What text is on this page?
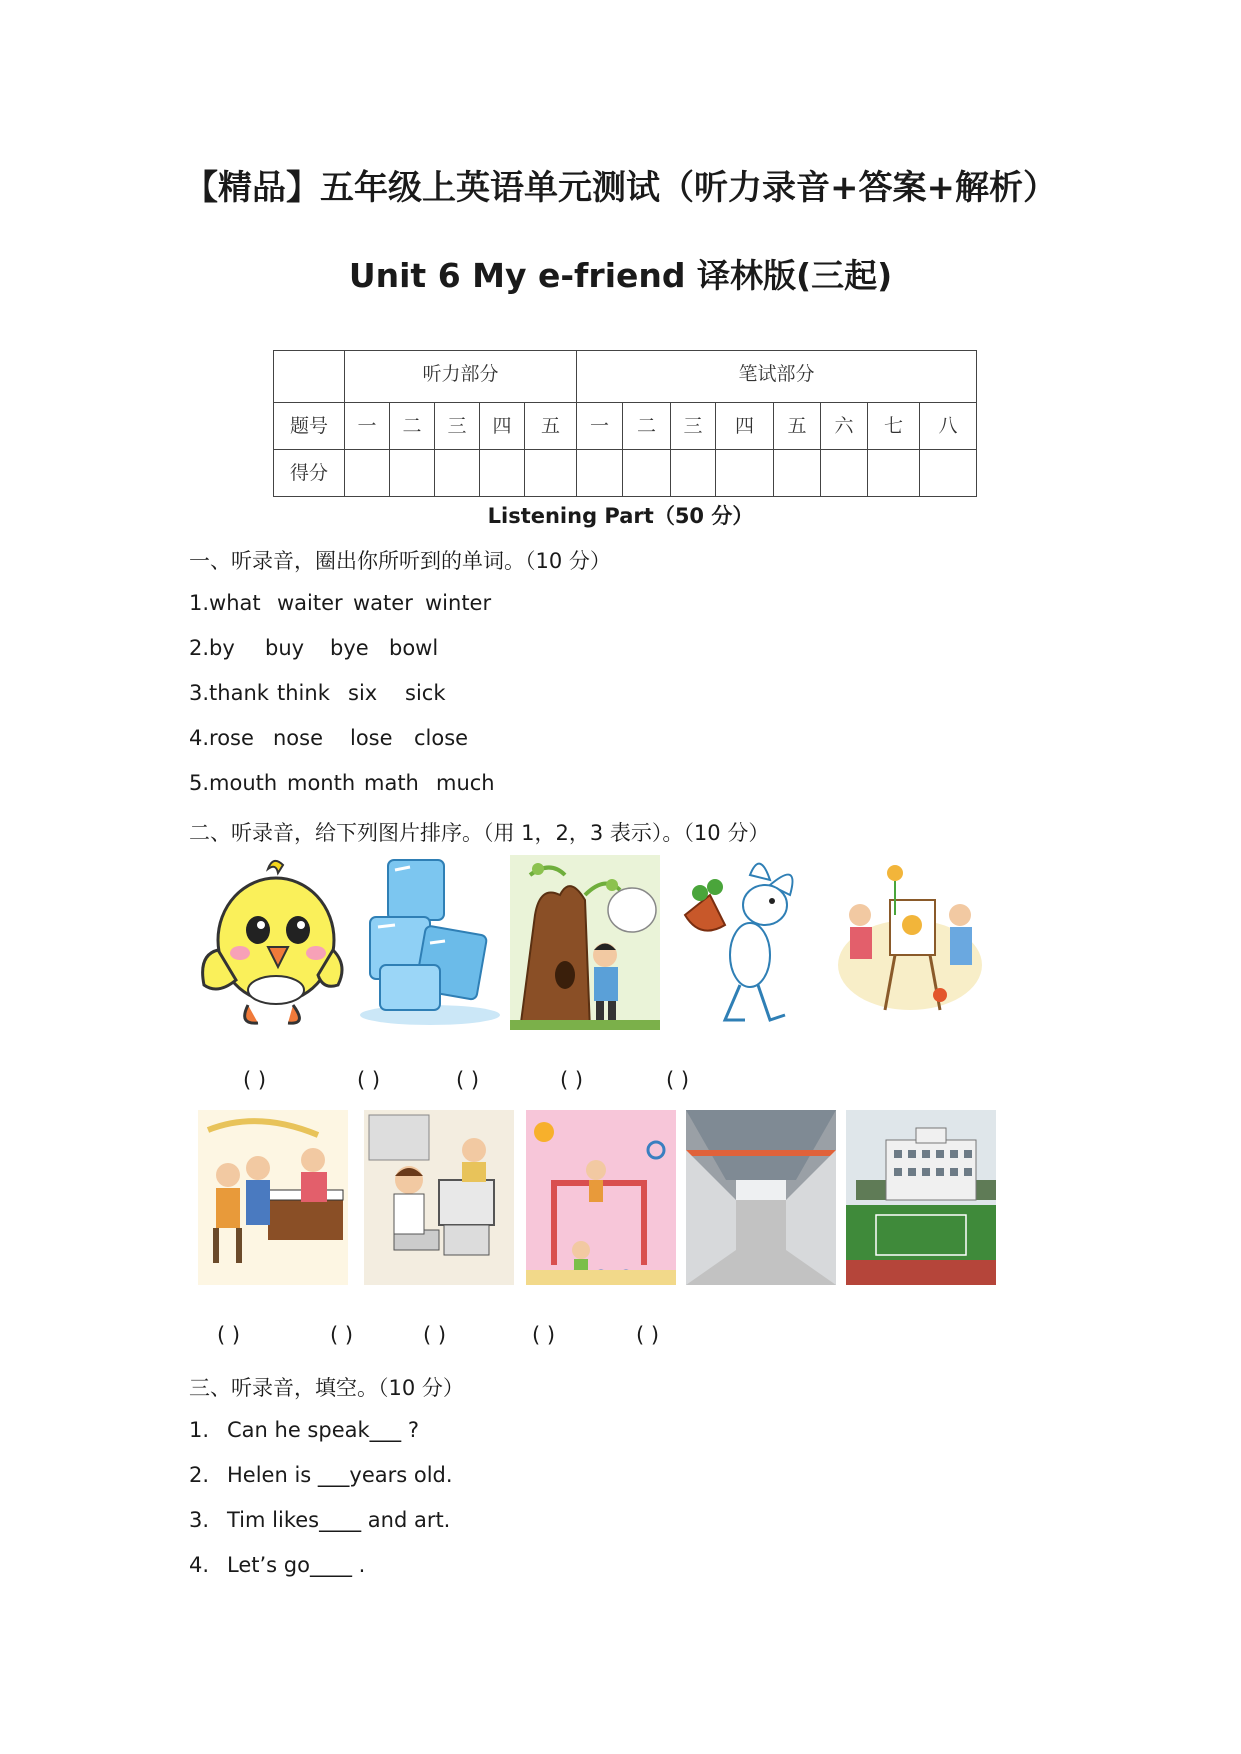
【精品】五年级上英语单元测试（听力录音+答案+解析）
Unit 6 My e-friend 译林版(三起)

	听力部分					笔试部分							

题号	一	二	三	四	五	一	二	三	四	五	六	七	八

得分													

Listening Part（50 分）
一、听录音，圈出你所听到的单词。（10 分）
1.what waiter water winter
2.by buy bye bowl
3.thank think six sick
4.rose nose lose close
5.mouth month math much
二、听录音，给下列图片排序。（用 1，2，3 表示）。（10 分）
( )	( )	( )	( )	( )
( )	( )	( )	( )	( )
三、听录音，填空。（10 分）
1. Can he speak___ ?
2. Helen is ___years old.
3. Tim likes____ and art.
4. Let’s go____ .
